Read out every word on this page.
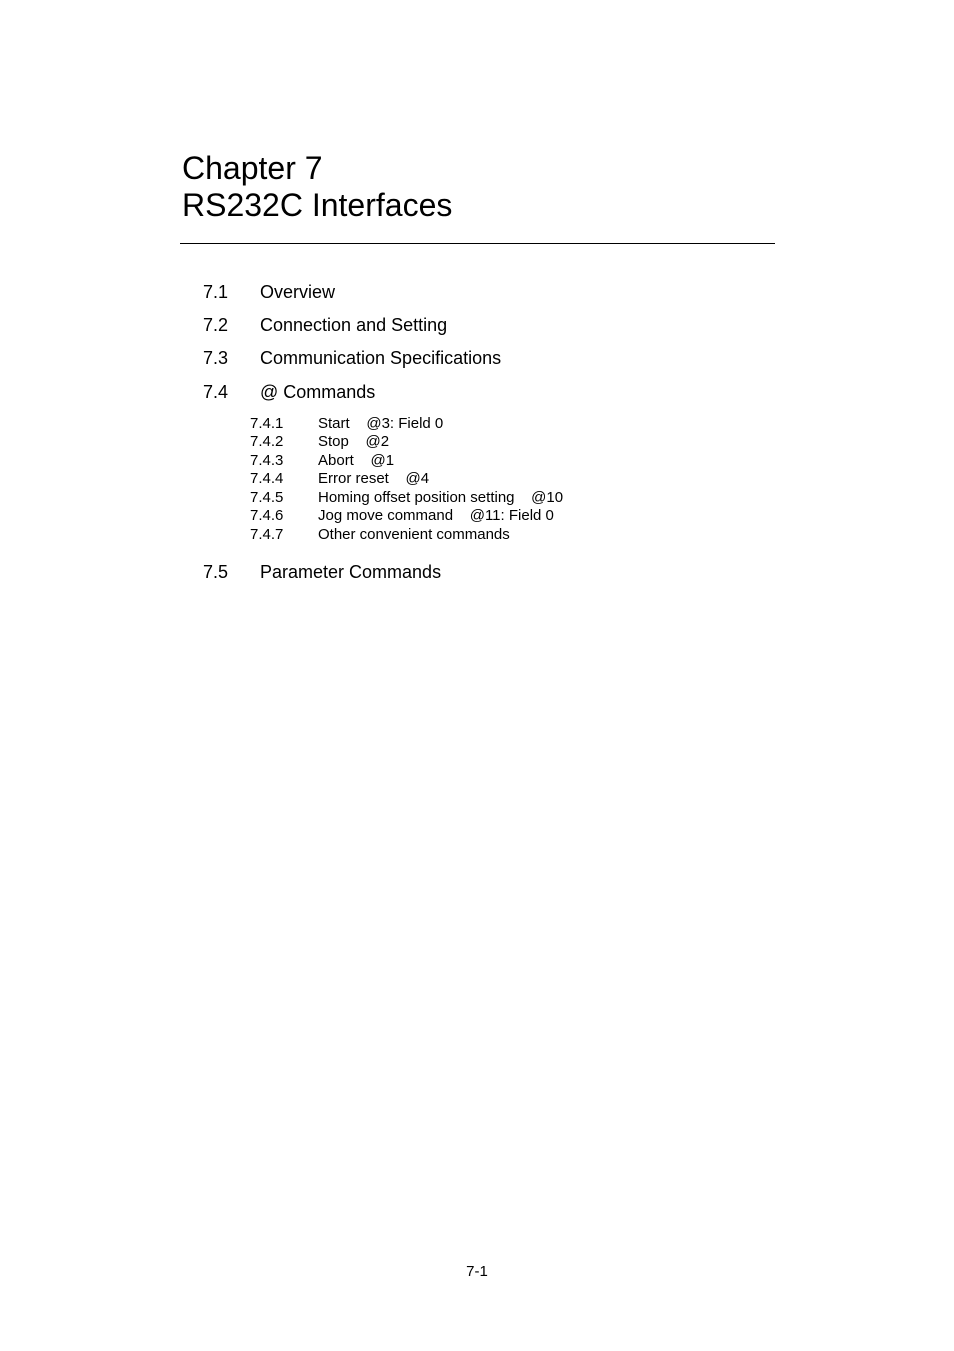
Chapter 7
RS232C Interfaces
7.1 Overview
7.2 Connection and Setting
7.3 Communication Specifications
7.4 @ Commands
7.4.1 Start    @3: Field 0
7.4.2 Stop    @2
7.4.3 Abort    @1
7.4.4 Error reset    @4
7.4.5 Homing offset position setting    @10
7.4.6 Jog move command    @11: Field 0
7.4.7 Other convenient commands
7.5 Parameter Commands
7-1
